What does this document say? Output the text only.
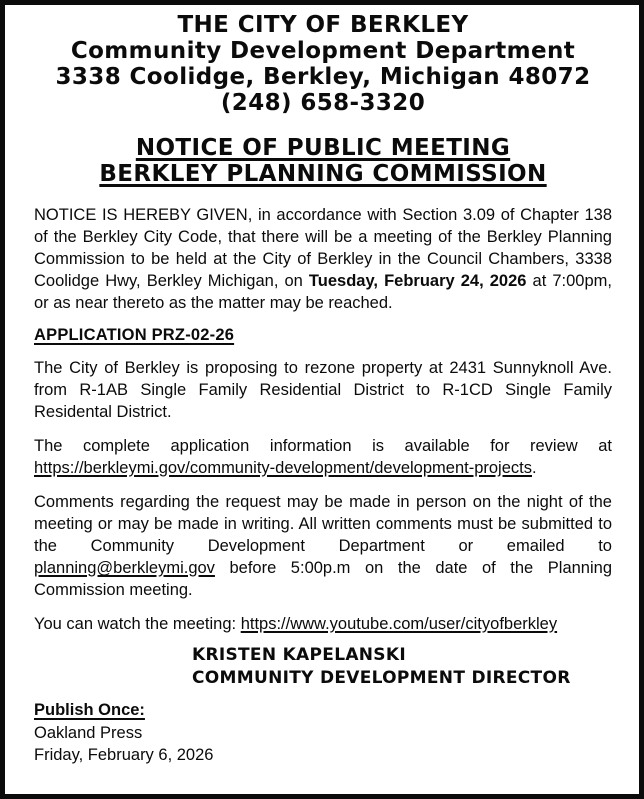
THE CITY OF BERKLEY
Community Development Department
3338 Coolidge, Berkley, Michigan 48072
(248) 658-3320
NOTICE OF PUBLIC MEETING
BERKLEY PLANNING COMMISSION

NOTICE IS HEREBY GIVEN, in accordance with Section 3.09 of Chapter 138 of the Berkley City Code, that there will be a meeting of the Berkley Planning Commission to be held at the City of Berkley in the Council Chambers, 3338 Coolidge Hwy, Berkley Michigan, on Tuesday, February 24, 2026 at 7:00pm, or as near thereto as the matter may be reached.

APPLICATION PRZ-02-26

The City of Berkley is proposing to rezone property at 2431 Sunnyknoll Ave. from R-1AB Single Family Residential District to R-1CD Single Family Residental District.

The complete application information is available for review at https://berkleymi.gov/community-development/development-projects.

Comments regarding the request may be made in person on the night of the meeting or may be made in writing. All written comments must be submitted to the Community Development Department or emailed to planning@berkleymi.gov before 5:00p.m on the date of the Planning Commission meeting.

You can watch the meeting: https://www.youtube.com/user/cityofberkley

KRISTEN KAPELANSKI
COMMUNITY DEVELOPMENT DIRECTOR
Publish Once:
Oakland Press
Friday, February 6, 2026
